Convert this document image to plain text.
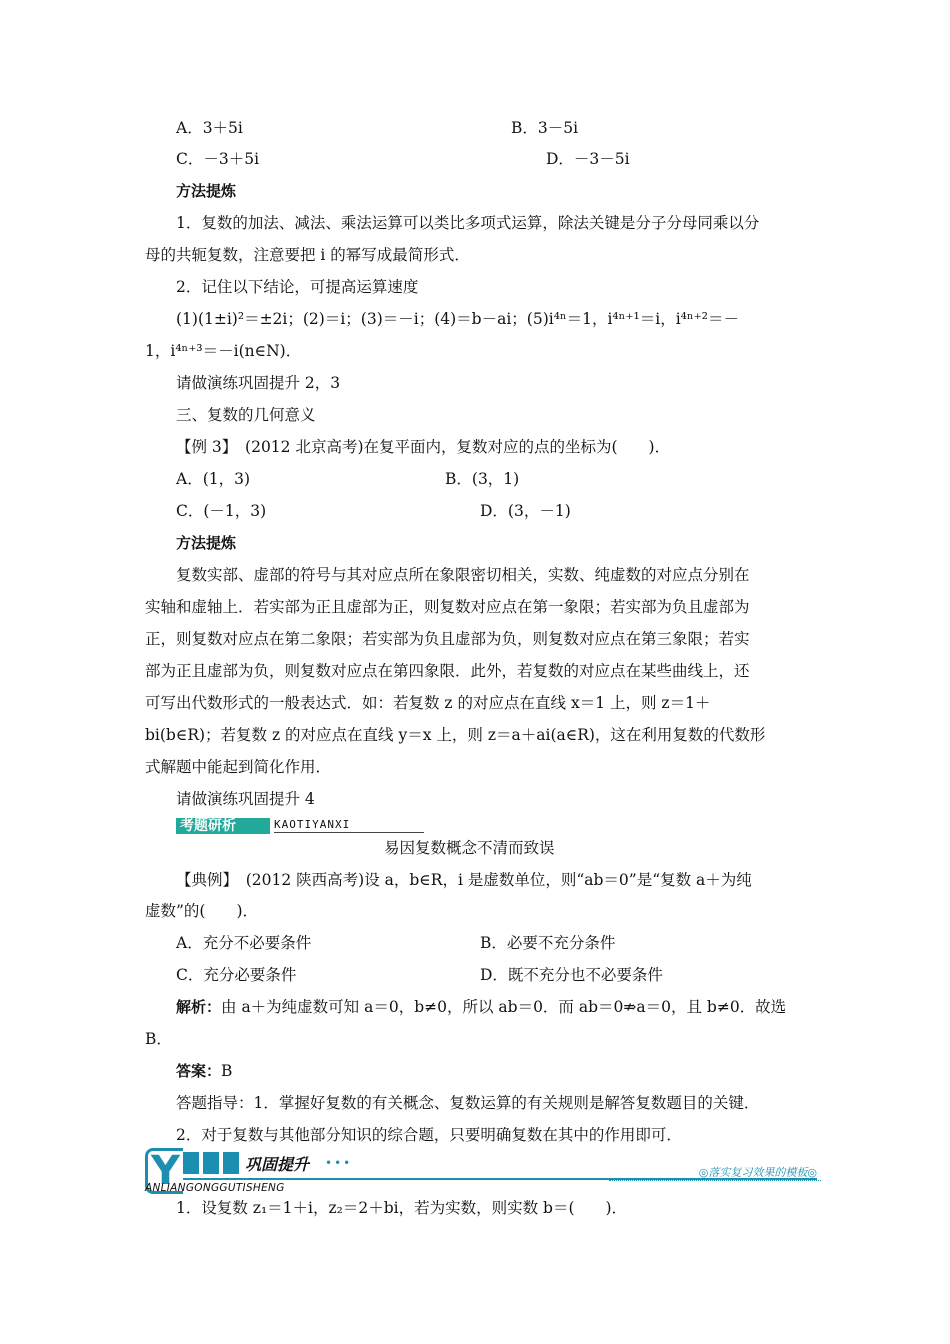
A．3＋5i	B．3－5i
C．－3＋5i	D．－3－5i
方法提炼
1．复数的加法、减法、乘法运算可以类比多项式运算，除法关键是分子分母同乘以分
母的共轭复数，注意要把 i 的幂写成最简形式．
2．记住以下结论，可提高运算速度
(1)(1±i)²＝±2i；(2)＝i；(3)＝－i；(4)＝b－ai；(5)i⁴ⁿ＝1，i⁴ⁿ⁺¹＝i，i⁴ⁿ⁺²＝－
1，i⁴ⁿ⁺³＝－i(n∈N)．
请做演练巩固提升 2，3
三、复数的几何意义
【例 3】　(2012 北京高考)在复平面内，复数对应的点的坐标为(　　)．
A．(1，3)	B．(3，1)
C．(－1，3)	D．(3，－1)
方法提炼
复数实部、虚部的符号与其对应点所在象限密切相关，实数、纯虚数的对应点分别在
实轴和虚轴上．若实部为正且虚部为正，则复数对应点在第一象限；若实部为负且虚部为
正，则复数对应点在第二象限；若实部为负且虚部为负，则复数对应点在第三象限；若实
部为正且虚部为负，则复数对应点在第四象限．此外，若复数的对应点在某些曲线上，还
可写出代数形式的一般表达式．如：若复数 z 的对应点在直线 x＝1 上，则 z＝1＋
bi(b∈R)；若复数 z 的对应点在直线 y＝x 上，则 z＝a＋ai(a∈R)，这在利用复数的代数形
式解题中能起到简化作用．
请做演练巩固提升 4
考题研析	KAOTIYANXI
易因复数概念不清而致误
【典例】　(2012 陕西高考)设 a，b∈R，i 是虚数单位，则“ab＝0”是“复数 a＋为纯
虚数”的(　　)．
A．充分不必要条件	B．必要不充分条件
C．充分必要条件	D．既不充分也不必要条件
解析：由 a＋为纯虚数可知 a＝0，b≠0，所以 ab＝0．而 ab＝0⇏a＝0，且 b≠0．故选
B．
答案：B
答题指导：1．掌握好复数的有关概念、复数运算的有关规则是解答复数题目的关键．
2．对于复数与其他部分知识的综合题，只要明确复数在其中的作用即可．
Y	巩固提升 •••
ANLIANGONGGUTISHENG
◎落实复习效果的模板◎
1．设复数 z₁＝1＋i，z₂＝2＋bi，若为实数，则实数 b＝(　　)．
